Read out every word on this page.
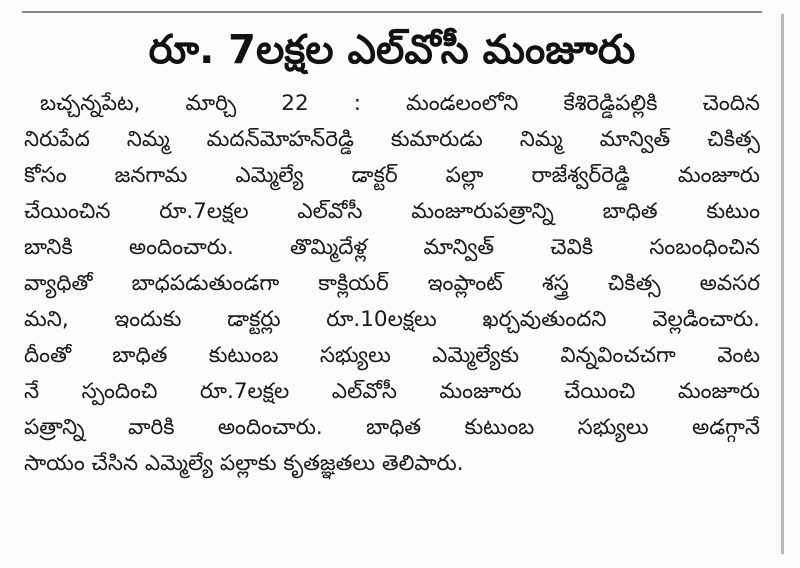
రూ. 7లక్షల ఎల్‌వోసీ మంజూరు
బచ్చన్నపేట, మార్చి 22 : మండలంలోని కేశిరెడ్డిపల్లికి చెందిన
నిరుపేద నిమ్మ మదన్‌మోహన్‌రెడ్డి కుమారుడు నిమ్మ మాన్విత్ చికిత్స
కోసం జనగామ ఎమ్మెల్యే డాక్టర్ పల్లా రాజేశ్వర్‌రెడ్డి మంజూరు
చేయించిన రూ.7లక్షల ఎల్‌వోసీ మంజూరుపత్రాన్ని బాధిత కుటుం
బానికి అందించారు. తొమ్మిదేళ్ల మాన్విత్ చెవికి సంబంధించిన
వ్యాధితో బాధపడుతుండగా కాక్లియర్ ఇంప్లాంట్ శస్త్ర చికిత్స అవసర
మని, ఇందుకు డాక్టర్లు రూ.10లక్షలు ఖర్చవుతుందని వెల్లడించారు.
దీంతో బాధిత కుటుంబ సభ్యులు ఎమ్మెల్యేకు విన్నవించచగా వెంట
నే స్పందించి రూ.7లక్షల ఎల్‌వోసీ మంజూరు చేయించి మంజూరు
పత్రాన్ని వారికి అందించారు. బాధిత కుటుంబ సభ్యులు అడగ్గానే
సాయం చేసిన ఎమ్మెల్యే పల్లాకు కృతజ్ఞతలు తెలిపారు.
